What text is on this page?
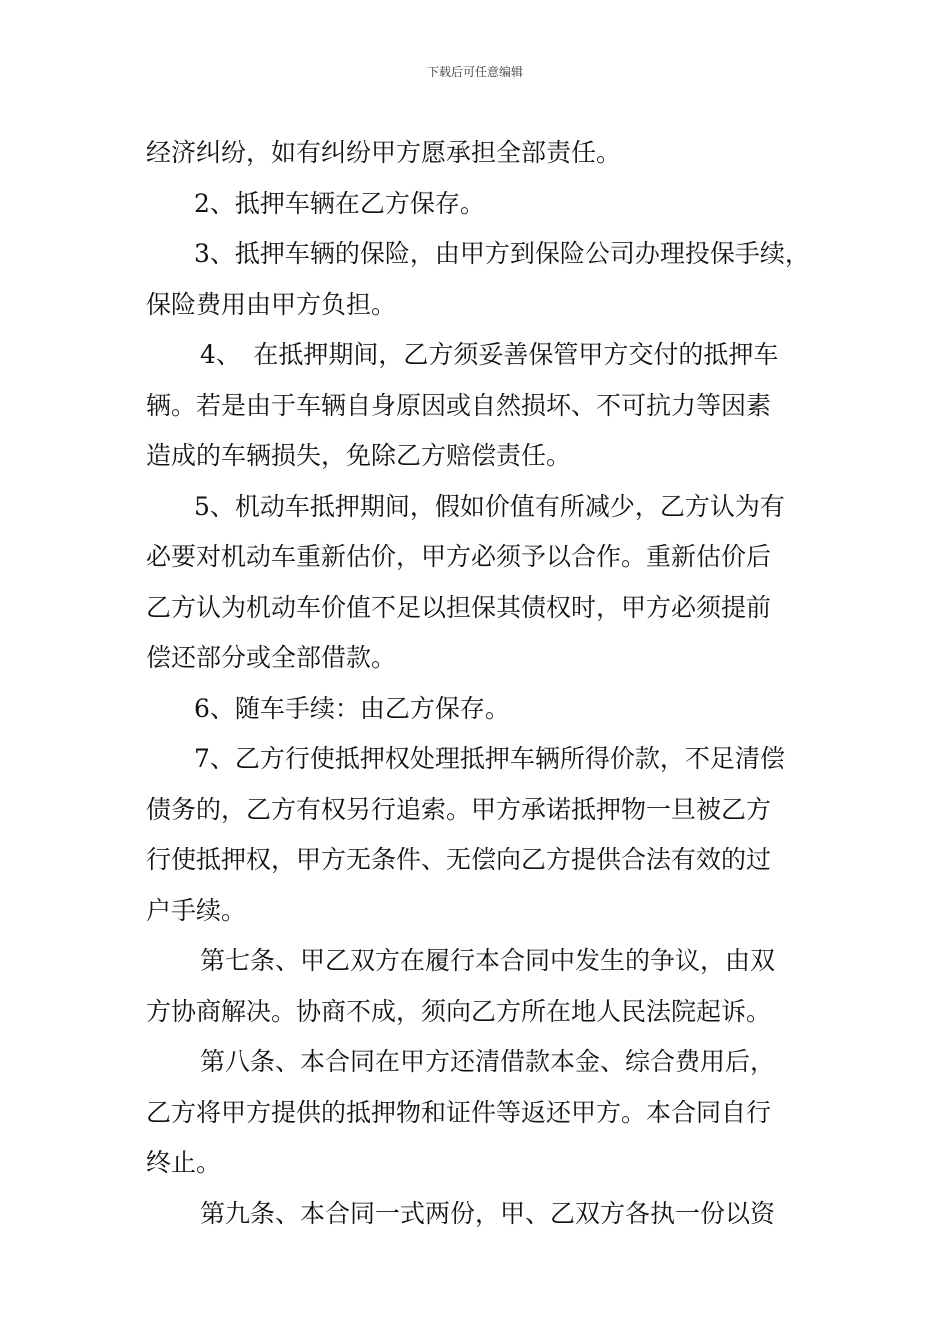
下载后可任意编辑
经济纠纷，如有纠纷甲方愿承担全部责任。
2、抵押车辆在乙方保存。
3、抵押车辆的保险，由甲方到保险公司办理投保手续，
保险费用由甲方负担。
4、　在抵押期间，乙方须妥善保管甲方交付的抵押车
辆。若是由于车辆自身原因或自然损坏、不可抗力等因素
造成的车辆损失，免除乙方赔偿责任。
5、机动车抵押期间，假如价值有所减少，乙方认为有
必要对机动车重新估价，甲方必须予以合作。重新估价后
乙方认为机动车价值不足以担保其债权时，甲方必须提前
偿还部分或全部借款。
6、随车手续：由乙方保存。
7、乙方行使抵押权处理抵押车辆所得价款，不足清偿
债务的，乙方有权另行追索。甲方承诺抵押物一旦被乙方
行使抵押权，甲方无条件、无偿向乙方提供合法有效的过
户手续。
第七条、甲乙双方在履行本合同中发生的争议，由双
方协商解决。协商不成，须向乙方所在地人民法院起诉。
第八条、本合同在甲方还清借款本金、综合费用后，
乙方将甲方提供的抵押物和证件等返还甲方。本合同自行
终止。
第九条、本合同一式两份，甲、乙双方各执一份以资
